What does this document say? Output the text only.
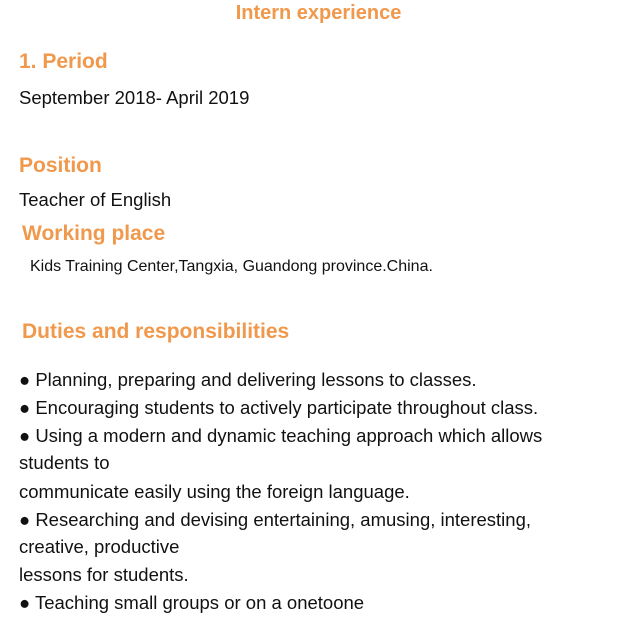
Intern experience
1. Period
September 2018- April 2019
Position
Teacher of English
Working place
Kids Training Center,Tangxia, Guandong province.China.
Duties and responsibilities
● Planning, preparing and delivering lessons to classes.
● Encouraging students to actively participate throughout class.
● Using a modern and dynamic teaching approach which allows
students to
communicate easily using the foreign language.
● Researching and devising entertaining, amusing, interesting,
creative, productive
lessons for students.
● Teaching small groups or on a onetoone
